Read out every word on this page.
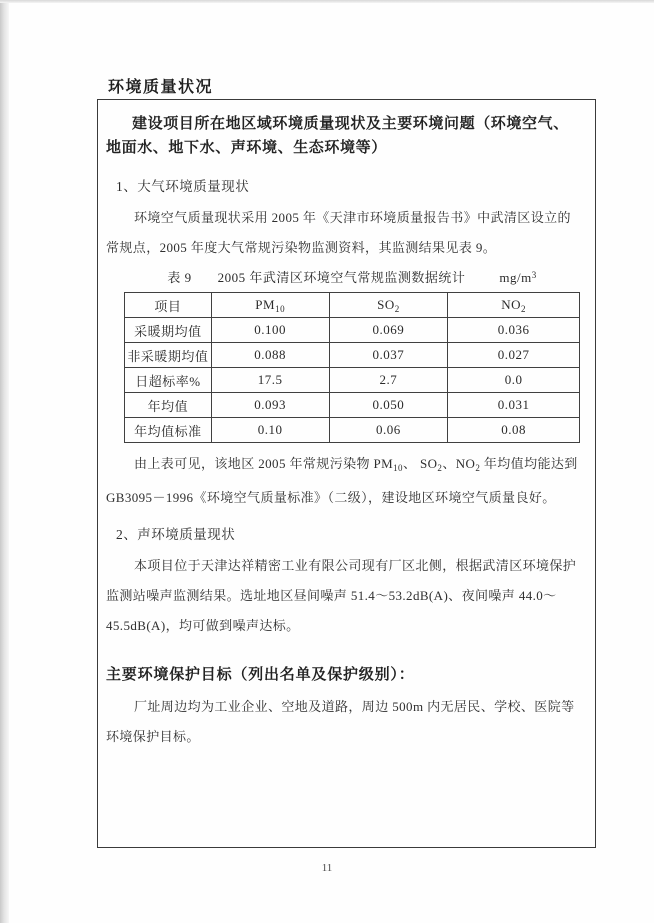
环境质量状况

建设项目所在地区域环境质量现状及主要环境问题（环境空气、地面水、地下水、声环境、生态环境等）

1、大气环境质量现状

环境空气质量现状采用 2005 年《天津市环境质量报告书》中武清区设立的常规点，2005 年度大气常规污染物监测资料，其监测结果见表 9。

表 9 2005 年武清区环境空气常规监测数据统计	$mg/m^3$
项目	$PM_{10}$	$SO_2$	$NO_2$
采暖期均值	0.100	0.069	0.036
非采暖期均值	0.088	0.037	0.027
日超标率%	17.5	2.7	0.0
年均值	0.093	0.050	0.031
年均值标准	0.10	0.06	0.08

由上表可见，该地区 2005 年常规污染物 $PM_{10}$、 $SO_2$、$NO_2$ 年均值均能达到 GB3095－1996《环境空气质量标准》（二级），建设地区环境空气质量良好。

2、声环境质量现状

本项目位于天津达祥精密工业有限公司现有厂区北侧，根据武清区环境保护监测站噪声监测结果。选址地区昼间噪声 51.4～53.2dB(A)、夜间噪声 44.0～45.5dB(A)，均可做到噪声达标。

主要环境保护目标（列出名单及保护级别）：

厂址周边均为工业企业、空地及道路，周边 500m 内无居民、学校、医院等环境保护目标。

11
